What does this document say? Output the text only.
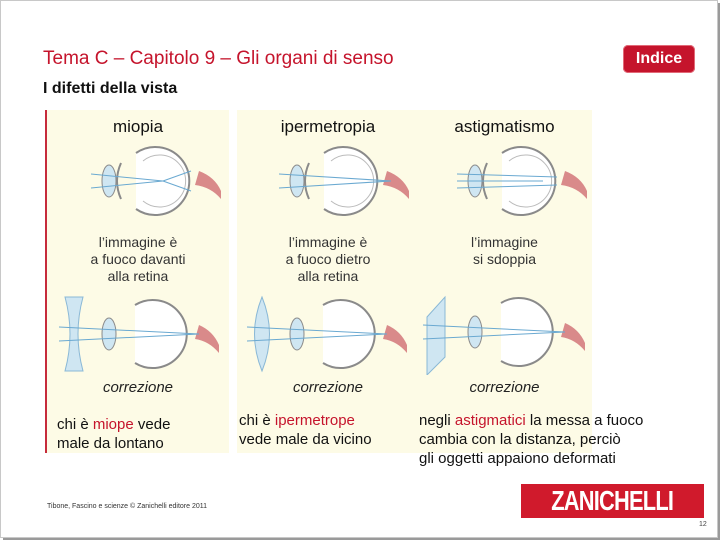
Tema C – Capitolo 9 – Gli organi di senso	Indice
I difetti della vista
miopia	ipermetropia	astigmatismo
l’immagine è
a fuoco davanti
alla retina
l’immagine è
a fuoco dietro
alla retina
l’immagine
si sdoppia
correzione	correzione	correzione
chi è miope vede
male da lontano
chi è ipermetrope
vede male da vicino
negli astigmatici la messa a fuoco
cambia con la distanza, perciò
gli oggetti appaiono deformati
Tibone, Fascino e scienze © Zanichelli editore 2011	ZANICHELLI
12
